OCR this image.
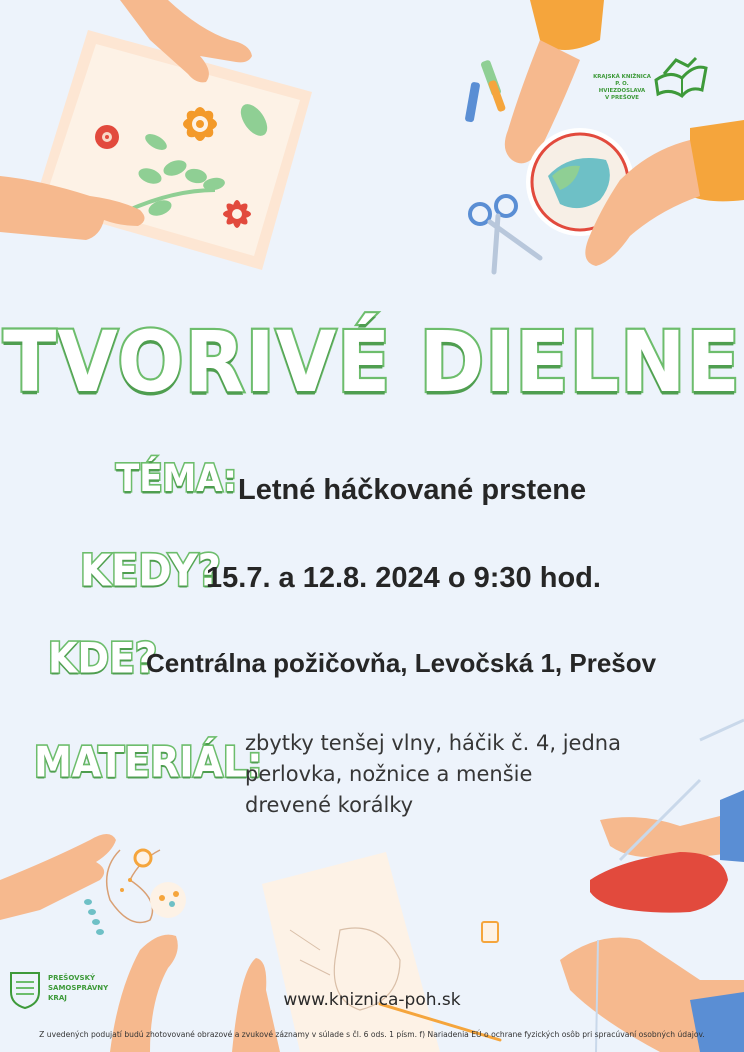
KRAJSKÁ KNIŽNICA
P. O. HVIEZDOSLAVA
V PREŠOVE
TVORIVÉ DIELNE
TÉMA: Letné háčkované prstene
KEDY?
15.7. a 12.8. 2024 o 9:30 hod.
KDE?
Centrálna požičovňa, Levočská 1, Prešov
MATERIÁL:
zbytky tenšej vlny, háčik č. 4, jedna
perlovka, nožnice a menšie
drevené korálky
PREŠOVSKÝ
SAMOSPRÁVNY
KRAJ	www.kniznica-poh.sk
Z uvedených podujatí budú zhotovované obrazové a zvukové záznamy v súlade s čl. 6 ods. 1 písm. f) Nariadenia EÚ o ochrane fyzických osôb pri spracúvaní osobných údajov.
